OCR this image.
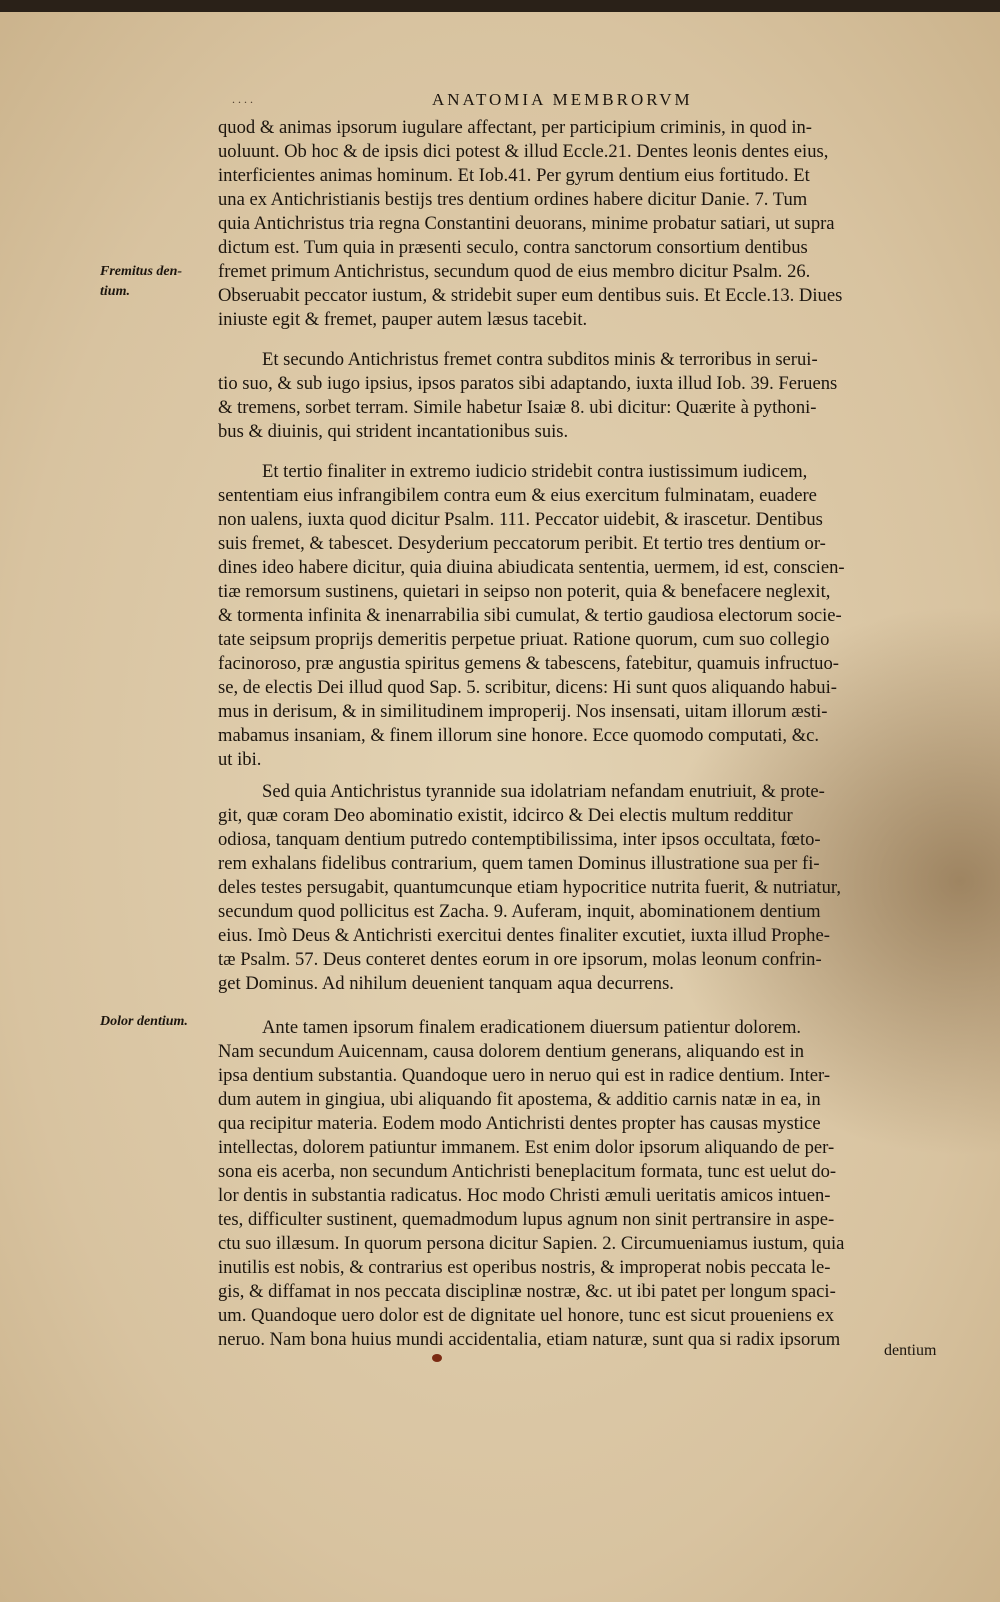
. . . .	ANATOMIA MEMBRORVM
Fremitus den-
tium.
Dolor dentium.
quod & animas ipsorum iugulare affectant, per participium criminis, in quod in-
uoluunt. Ob hoc & de ipsis dici potest & illud Eccle.21. Dentes leonis dentes eius,
interficientes animas hominum. Et Iob.41. Per gyrum dentium eius fortitudo. Et
una ex Antichristianis bestijs tres dentium ordines habere dicitur Danie. 7. Tum
quia Antichristus tria regna Constantini deuorans, minime probatur satiari, ut supra
dictum est. Tum quia in præsenti seculo, contra sanctorum consortium dentibus
fremet primum Antichristus, secundum quod de eius membro dicitur Psalm. 26.
Obseruabit peccator iustum, & stridebit super eum dentibus suis. Et Eccle.13. Diues
iniuste egit & fremet, pauper autem læsus tacebit.
Et secundo Antichristus fremet contra subditos minis & terroribus in serui-
tio suo, & sub iugo ipsius, ipsos paratos sibi adaptando, iuxta illud Iob. 39. Feruens
& tremens, sorbet terram. Simile habetur Isaiæ 8. ubi dicitur: Quærite à pythoni-
bus & diuinis, qui strident incantationibus suis.
Et tertio finaliter in extremo iudicio stridebit contra iustissimum iudicem,
sententiam eius infrangibilem contra eum & eius exercitum fulminatam, euadere
non ualens, iuxta quod dicitur Psalm. 111. Peccator uidebit, & irascetur. Dentibus
suis fremet, & tabescet. Desyderium peccatorum peribit. Et tertio tres dentium or-
dines ideo habere dicitur, quia diuina abiudicata sententia, uermem, id est, conscien-
tiæ remorsum sustinens, quietari in seipso non poterit, quia & benefacere neglexit,
& tormenta infinita & inenarrabilia sibi cumulat, & tertio gaudiosa electorum socie-
tate seipsum proprijs demeritis perpetue priuat. Ratione quorum, cum suo collegio
facinoroso, præ angustia spiritus gemens & tabescens, fatebitur, quamuis infructuo-
se, de electis Dei illud quod Sap. 5. scribitur, dicens: Hi sunt quos aliquando habui-
mus in derisum, & in similitudinem improperij. Nos insensati, uitam illorum æsti-
mabamus insaniam, & finem illorum sine honore. Ecce quomodo computati, &c.
ut ibi.
Sed quia Antichristus tyrannide sua idolatriam nefandam enutriuit, & prote-
git, quæ coram Deo abominatio existit, idcirco & Dei electis multum redditur
odiosa, tanquam dentium putredo contemptibilissima, inter ipsos occultata, fœto-
rem exhalans fidelibus contrarium, quem tamen Dominus illustratione sua per fi-
deles testes persugabit, quantumcunque etiam hypocritice nutrita fuerit, & nutriatur,
secundum quod pollicitus est Zacha. 9. Auferam, inquit, abominationem dentium
eius. Imò Deus & Antichristi exercitui dentes finaliter excutiet, iuxta illud Prophe-
tæ Psalm. 57. Deus conteret dentes eorum in ore ipsorum, molas leonum confrin-
get Dominus. Ad nihilum deuenient tanquam aqua decurrens.
Ante tamen ipsorum finalem eradicationem diuersum patientur dolorem.
Nam secundum Auicennam, causa dolorem dentium generans, aliquando est in
ipsa dentium substantia. Quandoque uero in neruo qui est in radice dentium. Inter-
dum autem in gingiua, ubi aliquando fit apostema, & additio carnis natæ in ea, in
qua recipitur materia. Eodem modo Antichristi dentes propter has causas mystice
intellectas, dolorem patiuntur immanem. Est enim dolor ipsorum aliquando de per-
sona eis acerba, non secundum Antichristi beneplacitum formata, tunc est uelut do-
lor dentis in substantia radicatus. Hoc modo Christi æmuli ueritatis amicos intuen-
tes, difficulter sustinent, quemadmodum lupus agnum non sinit pertransire in aspe-
ctu suo illæsum. In quorum persona dicitur Sapien. 2. Circumueniamus iustum, quia
inutilis est nobis, & contrarius est operibus nostris, & improperat nobis peccata le-
gis, & diffamat in nos peccata disciplinæ nostræ, &c. ut ibi patet per longum spaci-
um. Quandoque uero dolor est de dignitate uel honore, tunc est sicut proueniens ex
neruo. Nam bona huius mundi accidentalia, etiam naturæ, sunt qua si radix ipsorum
dentium
